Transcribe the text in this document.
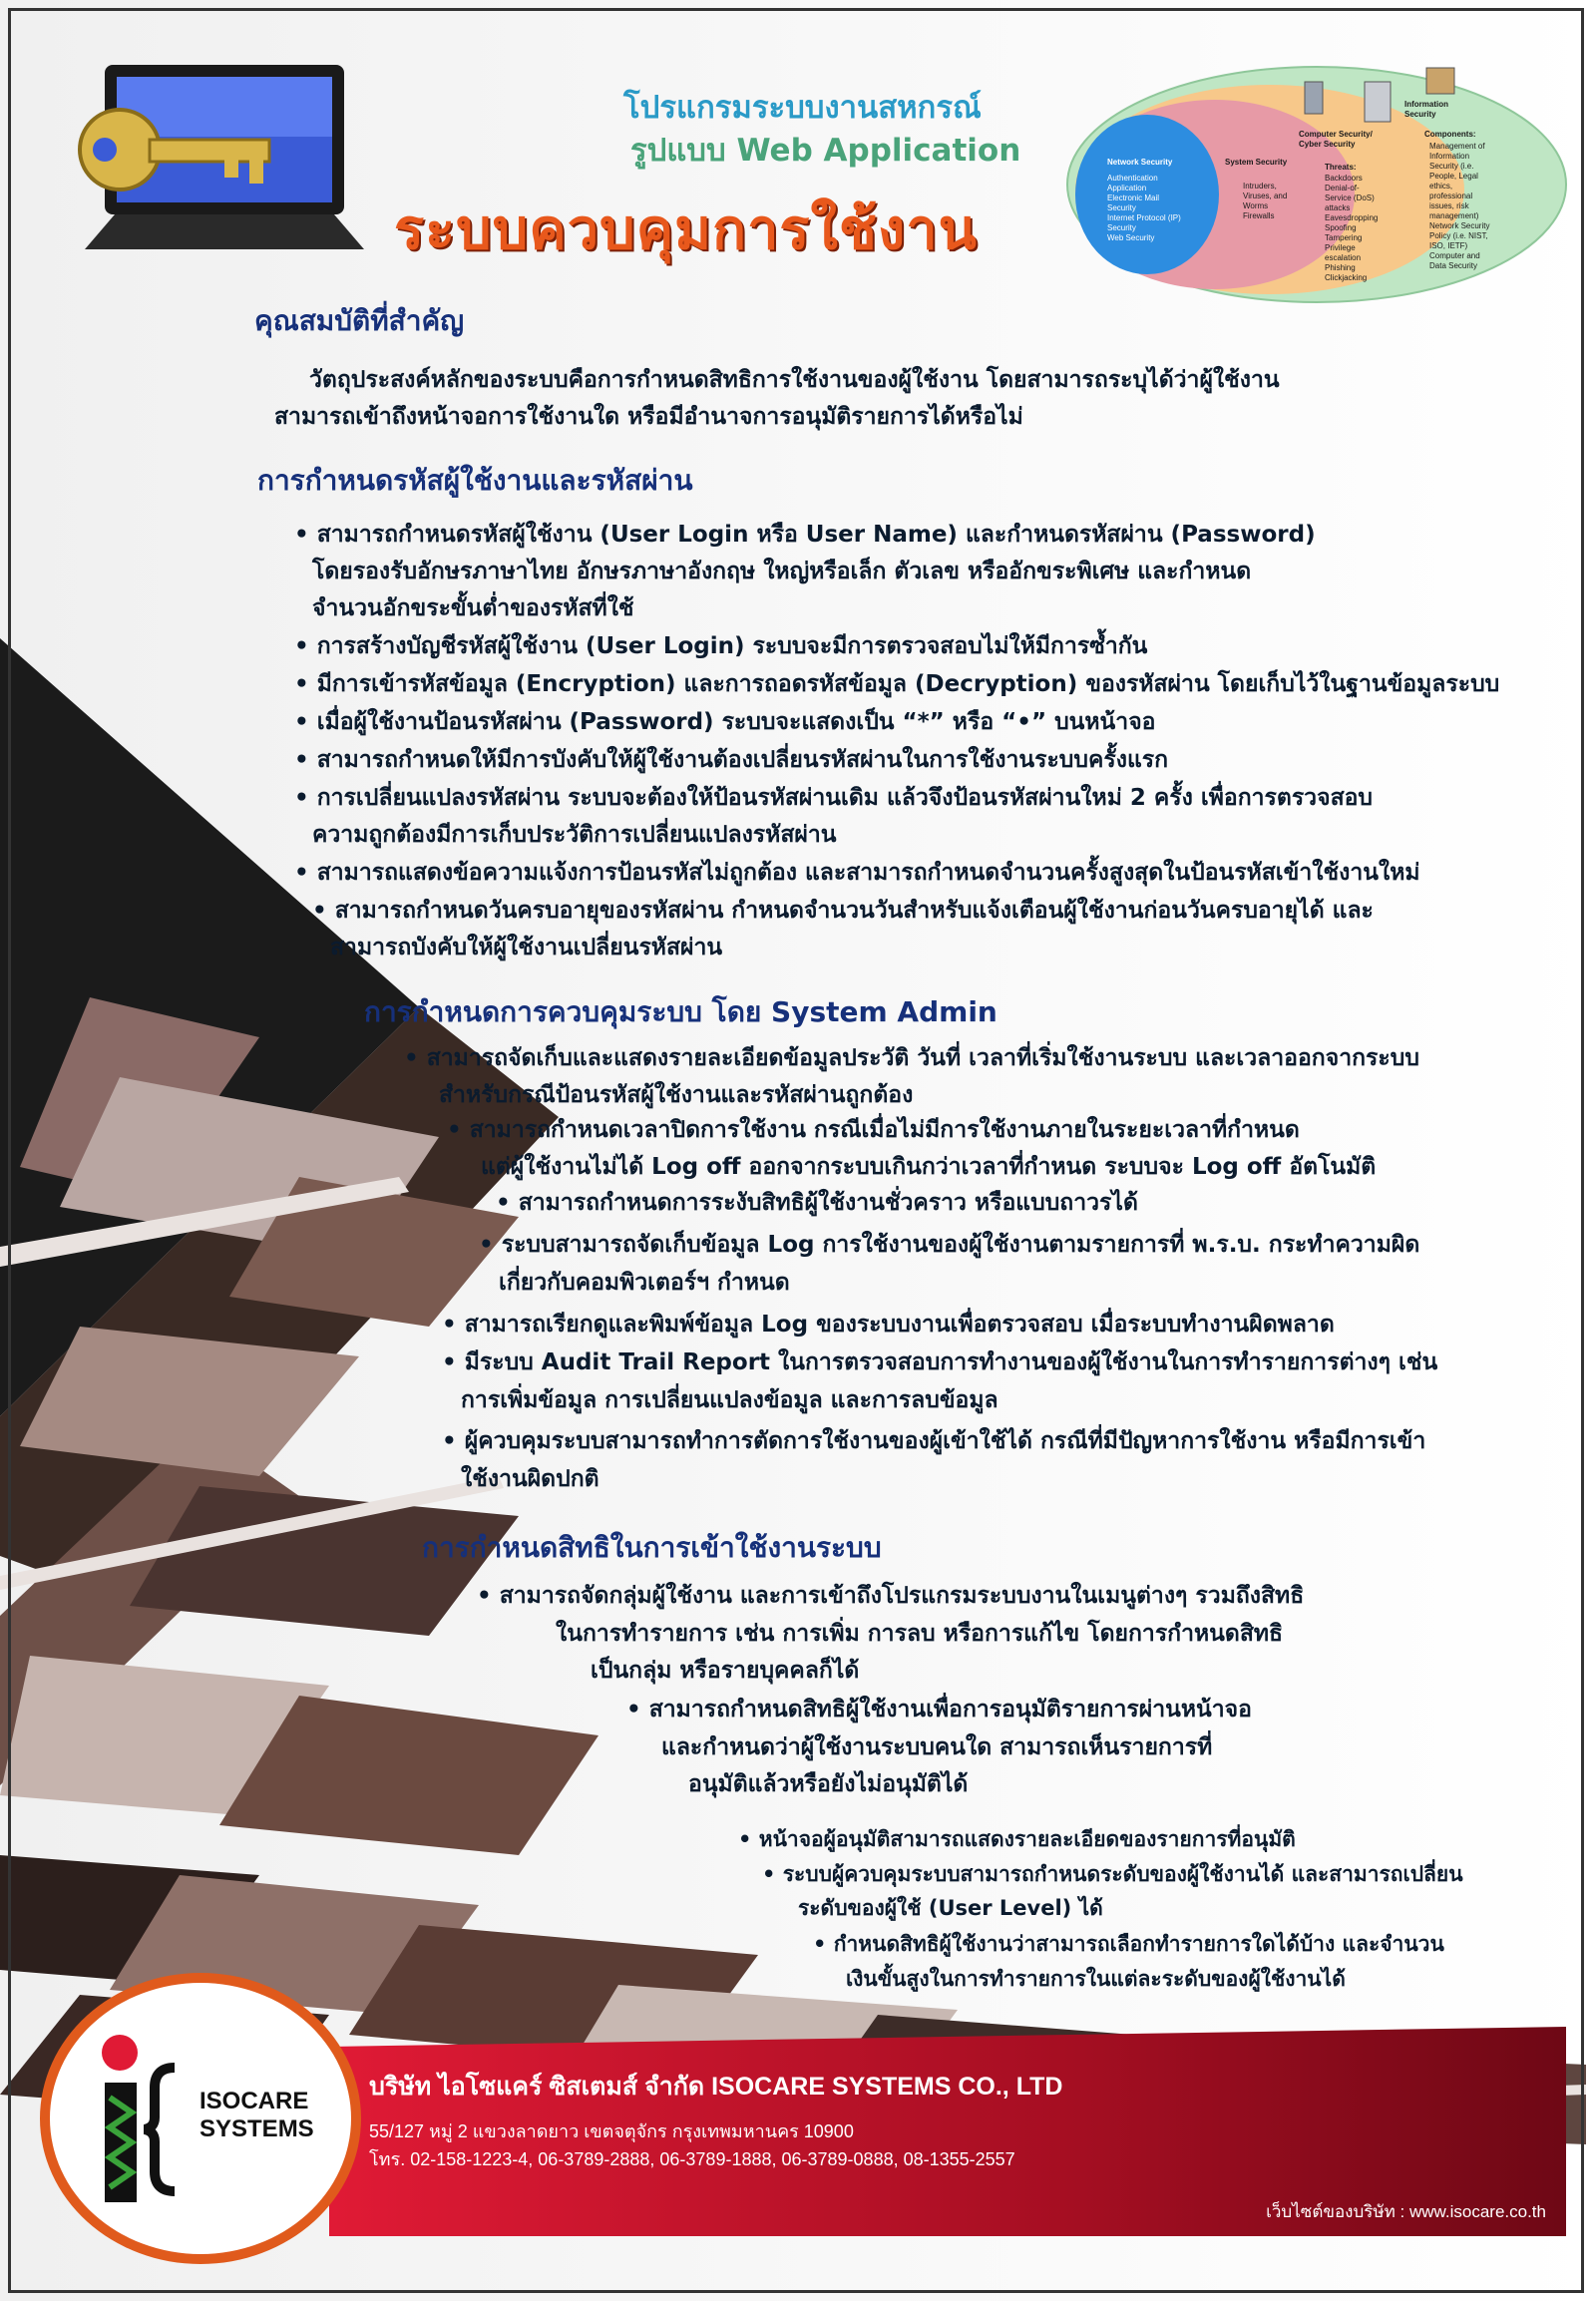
โปรแกรมระบบงานสหกรณ์
รูปแบบ Web Application
ระบบควบคุมการใช้งาน
Network Security
Authentication Application
Electronic Mail Security
Internet Protocol (IP) Security
Web Security
System Security
Intruders, Viruses, and Worms
Firewalls
Computer Security/ Cyber Security
Threats:
Backdoors
Denial-of-Service (DoS) attacks
Eavesdropping
Spoofing
Tampering
Privilege escalation
Phishing
Clickjacking
Information Security
Components:
Management of Information Security (i.e. People, Legal ethics, professional issues, risk management)
Network Security
Policy (i.e. NIST, ISO, IETF)
Computer and Data Security
คุณสมบัติที่สำคัญ
วัตถุประสงค์หลักของระบบคือการกำหนดสิทธิการใช้งานของผู้ใช้งาน โดยสามารถระบุได้ว่าผู้ใช้งาน
สามารถเข้าถึงหน้าจอการใช้งานใด หรือมีอำนาจการอนุมัติรายการได้หรือไม่
การกำหนดรหัสผู้ใช้งานและรหัสผ่าน
• สามารถกำหนดรหัสผู้ใช้งาน (User Login หรือ User Name) และกำหนดรหัสผ่าน (Password)
โดยรองรับอักษรภาษาไทย อักษรภาษาอังกฤษ ใหญ่หรือเล็ก ตัวเลข หรืออักขระพิเศษ และกำหนด
จำนวนอักขระขั้นต่ำของรหัสที่ใช้
• การสร้างบัญชีรหัสผู้ใช้งาน (User Login) ระบบจะมีการตรวจสอบไม่ให้มีการซ้ำกัน
• มีการเข้ารหัสข้อมูล (Encryption) และการถอดรหัสข้อมูล (Decryption) ของรหัสผ่าน โดยเก็บไว้ในฐานข้อมูลระบบ
• เมื่อผู้ใช้งานป้อนรหัสผ่าน (Password) ระบบจะแสดงเป็น “*” หรือ “•” บนหน้าจอ
• สามารถกำหนดให้มีการบังคับให้ผู้ใช้งานต้องเปลี่ยนรหัสผ่านในการใช้งานระบบครั้งแรก
• การเปลี่ยนแปลงรหัสผ่าน ระบบจะต้องให้ป้อนรหัสผ่านเดิม แล้วจึงป้อนรหัสผ่านใหม่ 2 ครั้ง เพื่อการตรวจสอบ
ความถูกต้องมีการเก็บประวัติการเปลี่ยนแปลงรหัสผ่าน
• สามารถแสดงข้อความแจ้งการป้อนรหัสไม่ถูกต้อง และสามารถกำหนดจำนวนครั้งสูงสุดในป้อนรหัสเข้าใช้งานใหม่
• สามารถกำหนดวันครบอายุของรหัสผ่าน กำหนดจำนวนวันสำหรับแจ้งเตือนผู้ใช้งานก่อนวันครบอายุได้ และ
สามารถบังคับให้ผู้ใช้งานเปลี่ยนรหัสผ่าน
การกำหนดการควบคุมระบบ โดย System Admin
• สามารถจัดเก็บและแสดงรายละเอียดข้อมูลประวัติ วันที่ เวลาที่เริ่มใช้งานระบบ และเวลาออกจากระบบ
สำหรับกรณีป้อนรหัสผู้ใช้งานและรหัสผ่านถูกต้อง
• สามารถกำหนดเวลาปิดการใช้งาน กรณีเมื่อไม่มีการใช้งานภายในระยะเวลาที่กำหนด
แต่ผู้ใช้งานไม่ได้ Log off ออกจากระบบเกินกว่าเวลาที่กำหนด ระบบจะ Log off อัตโนมัติ
• สามารถกำหนดการระงับสิทธิผู้ใช้งานชั่วคราว หรือแบบถาวรได้
• ระบบสามารถจัดเก็บข้อมูล Log การใช้งานของผู้ใช้งานตามรายการที่ พ.ร.บ. กระทำความผิด
เกี่ยวกับคอมพิวเตอร์ฯ กำหนด
• สามารถเรียกดูและพิมพ์ข้อมูล Log ของระบบงานเพื่อตรวจสอบ เมื่อระบบทำงานผิดพลาด
• มีระบบ Audit Trail Report ในการตรวจสอบการทำงานของผู้ใช้งานในการทำรายการต่างๆ เช่น
การเพิ่มข้อมูล การเปลี่ยนแปลงข้อมูล และการลบข้อมูล
• ผู้ควบคุมระบบสามารถทำการตัดการใช้งานของผู้เข้าใช้ได้ กรณีที่มีปัญหาการใช้งาน หรือมีการเข้า
ใช้งานผิดปกติ
การกำหนดสิทธิในการเข้าใช้งานระบบ
• สามารถจัดกลุ่มผู้ใช้งาน และการเข้าถึงโปรแกรมระบบงานในเมนูต่างๆ รวมถึงสิทธิ
ในการทำรายการ เช่น การเพิ่ม การลบ หรือการแก้ไข โดยการกำหนดสิทธิ
เป็นกลุ่ม หรือรายบุคคลก็ได้
• สามารถกำหนดสิทธิผู้ใช้งานเพื่อการอนุมัติรายการผ่านหน้าจอ
และกำหนดว่าผู้ใช้งานระบบคนใด สามารถเห็นรายการที่
อนุมัติแล้วหรือยังไม่อนุมัติได้
• หน้าจอผู้อนุมัติสามารถแสดงรายละเอียดของรายการที่อนุมัติ
• ระบบผู้ควบคุมระบบสามารถกำหนดระดับของผู้ใช้งานได้ และสามารถเปลี่ยน
ระดับของผู้ใช้ (User Level) ได้
• กำหนดสิทธิผู้ใช้งานว่าสามารถเลือกทำรายการใดได้บ้าง และจำนวน
เงินขั้นสูงในการทำรายการในแต่ละระดับของผู้ใช้งานได้
บริษัท ไอโซแคร์ ซิสเตมส์ จำกัด ISOCARE SYSTEMS CO., LTD
55/127 หมู่ 2 แขวงลาดยาว เขตจตุจักร กรุงเทพมหานคร 10900
โทร. 02-158-1223-4, 06-3789-2888, 06-3789-1888, 06-3789-0888, 08-1355-2557
เว็บไซต์ของบริษัท : www.isocare.co.th
ISOCARE SYSTEMS
